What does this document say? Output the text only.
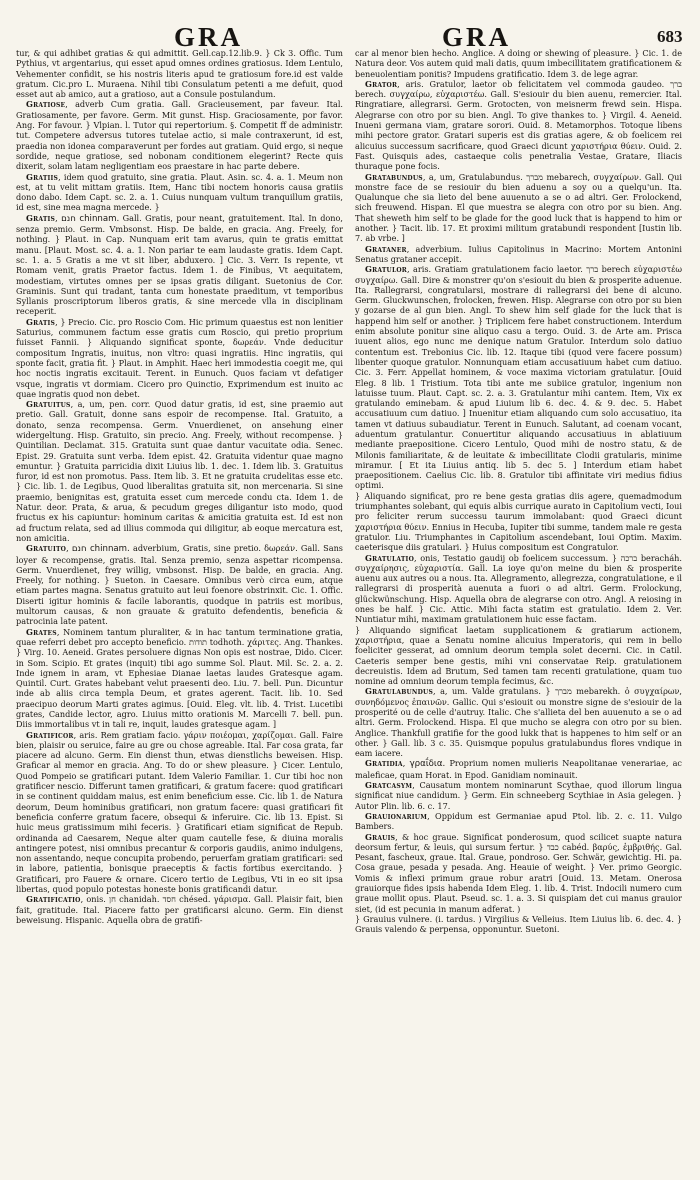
GRA	GRA	683

tur, & qui adhibet gratias & qui admittit. Gell.cap.12.lib.9. } Ck 3. Offic. Tum Pythius, vt argentarius, qui esset apud omnes ordines gratiosus. Idem Lentulo, Vehementer confidit, se his nostris literis apud te gratiosum fore.id est valde gratum. Cic.pro L. Muraena. Nihil tibi Consulatum petenti a me defuit, quod esset aut ab amico, aut a gratioso, aut a Consule postulandum.

Gratiose, adverb Cum gratia. Gall. Gracieusement, par faveur. Ital. Gratiosamente, per favore. Germ. Mit gunst. Hisp. Graciosamente, por favor. Ang. For favour. } Vlpian. l. Tutor qui repertorium. §. Competit ff de administr. tut. Competere adversus tutores tutelae actio, si male contraxerunt, id est, praedia non idonea comparaverunt per fordes aut gratiam. Quid ergo, si neque sordide, neque gratiose, sed nobonam conditionem elegerint? Recte quis dixerit, solam latam negligentiam eos praestare in hac parte debere.

Gratiis, idem quod gratuito, sine gratia. Plaut. Asin. sc. 4. a. 1. Meum non est, at tu velit mittam gratiis. Item, Hanc tibi noctem honoris causa gratiis dono dabo. Idem Capt. sc. 2. a. 1. Cuius nunquam vultum tranquillum gratiis, id est, sine mea magna mercede. }

Gratis, חנם chinnam. Gall. Gratis, pour neant, gratuitement. Ital. In dono, senza premio. Germ. Vmbsonst. Hisp. De balde, en gracia. Ang. Freely, for nothing. } Plaut. in Cap. Nunquam erit tam avarus, quin te gratis emittat manu. [Plaut. Most. sc. 4. a. 1. Non pariar te eam laudaste gratis. Idem Capt. sc. 1. a. 5 Gratis a me vt sit liber, abduxero. ] Cic. 3. Verr. Is repente, vt Romam venit, gratis Praetor factus. Idem 1. de Finibus, Vt aequitatem, modestiam, virtutes omnes per se ipsas gratis diligant. Suetonius de Cor. Graminis. Sunt qui tradant, tanta cum honestate praeditum, vt temporibus Syllanis proscriptorum liberos gratis, & sine mercede vlla in disciplinam receperit.

Gratis, } Precio. Cic. pro Roscio Com. Hic primum quaestus est non lenitier Saturius, communem factum esse gratis cum Roscio, qui pretio proprium fuisset Fannii. } Aliquando significat sponte, δωρεάν. Vnde deducitur compositum Ingratis, inuitus, non vltro: quasi ingratiis. Hinc ingratiis, qui sponte facit, gratia fit. } Plaut. in Amphit. Haec heri immodestia coegit me, qui hoc noctis ingratis excitauit. Terent. in Eunuch. Quos faciam vt defatiger vsque, ingratis vt dormiam. Cicero pro Quinctio, Exprimendum est inuito ac quae ingratis quod non debet.

Gratuitus, a, um, pen. corr. Quod datur gratis, id est, sine praemio aut pretio. Gall. Gratuit, donne sans espoir de recompense. Ital. Gratuito, a donato, senza recompensa. Germ. Vnuerdienet, on ansehung einer widergeltung. Hisp. Gratuito, sin precio. Ang. Freely, without recompense. } Quintilian. Declamat. 315. Gratuita sunt quae dantur vacuitate odia. Senec. Epist. 29. Gratuita sunt verba. Idem epist. 42. Gratuita videntur quae magno emuntur. } Gratuita parricidia dixit Liuius lib. 1. dec. 1. Idem lib. 3. Gratuitus furor, id est non promotus. Pass. Item lib. 3. Et ne gratuita crudelitas esse etc. } Cic. lib. 1. de Legibus, Quod liberalitas gratuita sit, non mercenaria. Si sine praemio, benignitas est, gratuita esset cum mercede condu cta. Idem 1. de Natur. deor. Prata, & arua, & pecudum greges diligantur isto modo, quod fructus ex his capiuntur: hominum caritas & amicitia gratuita est. Id est non ad fructum relata, sed ad illius commoda qui diligitur, ab eoque mercatura est, non amicitia.

Gratuito, חנם chinnam. adverbium, Gratis, sine pretio. δωρεάν. Gall. Sans loyer & recompense, gratis. Ital. Senza premio, senza aspettar ricompensa. Germ. Vnuerdienet, frey willig, vmbsonst. Hisp. De balde, en gracia. Ang. Freely, for nothing. } Sueton. in Caesare. Omnibus verò circa eum, atque etiam partes magna. Senatus gratuito aut leui foenore obstrinxit. Cic. 1. Offic. Diserti igitur hominis & facile laborantis, quodque in patriis est moribus, multorum causas, & non grauate & gratuito defendentis, beneficia & patrocinia late patent.

Grates, Nominem tantum pluraliter, & in hac tantum terminatione gratia, quae referri debet pro accepto beneficio. תודות todhoth. χάριτες. Ang. Thankes. } Virg. 10. Aeneid. Grates persoluere dignas Non opis est nostrae, Dido. Cicer. in Som. Scipio. Et grates (inquit) tibi ago summe Sol. Plaut. Mil. Sc. 2. a. 2. Inde ignem in aram, vt Ephesiae Dianae laetas laudes Gratesque agam. Quintil. Curt. Grates habebant velut praesenti deo. Liu. 7. bell. Pun. Dicuntur inde ab aliis circa templa Deum, et grates agerent. Tacit. lib. 10. Sed praecipuo deorum Marti grates agimus. [Ouid. Eleg. vlt. lib. 4. Trist. Lucetibi grates, Candide lector, agro. Liuius mitto orationis M. Marcelli 7. bell. pun. Diis immortalibus vt in tali re, inquit, laudes gratesque agam. ]

Gratificor, aris. Rem gratiam facio. γάριν ποιέομαι, χαρίζομαι. Gall. Faire bien, plaisir ou seruice, faire au gre ou chose agreable. Ital. Far cosa grata, far piacere ad alcuno. Germ. Ein dienst thun, etwas dienstlichs beweisen. Hisp. Graficar al memor en gracia. Ang. To do or shew pleasure. } Cicer. Lentulo, Quod Pompeio se gratificari putant. Idem Valerio Familiar. 1. Cur tibi hoc non gratificer nescio. Differunt tamen gratificari, & gratum facere: quod gratificari in se continent quiddam maius, est enim beneficium esse. Cic. lib 1. de Natura deorum, Deum hominibus gratificari, non gratum facere: quasi gratificari fit beneficia conferre gratum facere, obsequi & inferuire. Cic. lib 13. Epist. Si huic meus gratissimum mihi feceris. } Gratificari etiam significat de Repub. ordinanda ad Caesarem, Neque alter quam cautelle fese, & diuina moralis antingere potest, nisi omnibus precantur & corporis gaudiis, animo indulgens, non assentando, neque concupita probendo, peruerfam gratiam gratificari: sed in labore, patientia, bonisque praeceptis & factis fortibus exercitando. } Gratificari, pro Fauere & ornare. Cicero tertio de Legibus, Vti in eo sit ipsa libertas, quod populo potestas honeste bonis gratificandi datur.

Gratificatio, onis. חן chanidah. חסד chésed. γάρισμα. Gall. Plaisir fait, bien fait, gratitude. Ital. Piacere fatto per gratificarsi alcuno. Germ. Ein dienst beweisung. Hispanic. Aquella obra de gratifi-

car al menor bien hecho. Anglice. A doing or shewing of pleasure. } Cic. 1. de Natura deor. Vos autem quid mali datis, quum imbecillitatem gratificationem & beneuolentiam ponitis? Impudens gratificatio. Idem 3. de lege agrar.

Grator, aris. Gratulor, laetor ob felicitatem vel commoda gaudeo. ברך berech. συγχαίρω, εὐχαριστέω. Gall. S'esiouir du bien auenu, remercier. Ital. Ringratiare, allegrarsi. Germ. Grotocten, von meisnerm frewd sein. Hispa. Alegrarse con otro por su bien. Angl. To give thankes to. } Virgil. 4. Aeneid. Inueni germana viam, gratare sorori. Ouid. 8. Metamorphos. Totoque libens mihi pectore grator. Gratari superis est dis gratias agere, & ob foelicem rei alicuius successum sacrificare, quod Graeci dicunt χαριστήρια θύειν. Ouid. 2. Fast. Quisquis ades, castaeque colis penetralia Vestae, Gratare, Iliacis thuraque pone focis.

Gratabundus, a, um, Gratulabundus. מברך mebarech, συγχαίρων. Gall. Qui monstre face de se resiouir du bien aduenu a soy ou a quelqu'un. Ita. Qualunque che sia lieto del bene auuenuto a se o ad altri. Ger. Frolockend, sich freuwend. Hispan. El que muestra se alegra con otro por su bien. Ang. That sheweth him self to be glade for the good luck that is happend to him or another. } Tacit. lib. 17. Et proximi militum gratabundi respondent [Iustin lib. 7. ab vrbe. ]

Grataner, adverbium. Iulius Capitolinus in Macrino: Mortem Antonini Senatus grataner accepit.

Gratulor, aris. Gratiam gratulationem facio laetor. ברך berech εὐχαριστέω συγχαίρω. Gall. Dire & monstrer qu'on s'esiouit du bien & prosperite aduenue. Ita. Rallegrarsi, congratularsi, mostrare di rallegrarsi dei bene di alcuno. Germ. Gluckwunschen, frolocken, frewen. Hisp. Alegrarse con otro por su bien y gozarse de al gun bien. Angl. To shew him self glade for the luck that is happend him self or another. } Triplicem fere habet constructionem. Interdum enim absolute ponitur sine aliquo casu a tergo. Ouid. 3. de Arte am. Prisca iuuent alios, ego nunc me denique natum Gratulor. Interdum solo datiuo contentum est. Trebonius Cic. lib. 12. Itaque tibi (quod vere facere possum) libenter quoque gratulor. Nonnunquam etiam accusatiuum habet cum datiuo. Cic. 3. Ferr. Appellat hominem, & voce maxima victoriam gratulatur. [Ouid Eleg. 8 lib. 1 Tristium. Tota tibi ante me subiice gratulor, ingenium non latuisse tuum. Plaut. Capt. sc. 2. a. 3. Gratulantur mihi cantem. Item, Vix ex gratulando eminebam. & apud Liuium lib 6. dec. 4. & 9. dec. 5. Habet accusatiuum cum datiuo. ] Inuenitur etiam aliquando cum solo accusatiuo, ita tamen vt datiuus subaudiatur. Terent in Eunuch. Salutant, ad coenam vocant, aduentum gratulantur. Conuertitur aliquando accusatiuus in ablatiuum mediante praepositione. Cicero Lentulo, Quod mihi de nostro statu, & de Milonis familiaritate, & de leuitate & imbecillitate Clodii gratularis, minime miramur. [ Et ita Liuius antiq. lib 5. dec 5. ] Interdum etiam habet praepositionem. Caelius Cic. lib. 8. Gratulor tibi affinitate viri medius fidius optimi.

} Aliquando significat, pro re bene gesta gratias diis agere, quemadmodum triumphantes solebant, qui equis albis currique aurato in Capitolium vecti, Ioui pro feliciter rerum successu taurum immolabant: quod Graeci dicunt χαριστήρια θύειν. Ennius in Hecuba, Iupiter tibi summe, tandem male re gesta gratulor. Liu. Triumphantes in Capitolium ascendebant, Ioui Optim. Maxim. caeterisque diis gratulari. } Huius compositum est Congratulor.

Gratulatio, onis, Testatio gaudij ob foelicem successum. } ברכה beracháh. συγχαίρησις, εὐχαριστία. Gall. La ioye qu'on meine du bien & prosperite auenu aux autres ou a nous. Ita. Allegramento, allegrezza, congratulatione, e il rallegrarsi di prosperità auenuta a fuori o ad altri. Germ. Frolockung, glückwünschung. Hisp. Aquella obra de alegrarse con otro. Angl. A reiosing in ones be half. } Cic. Attic. Mihi facta statim est gratulatio. Idem 2. Ver. Nuntiatur mihi, maximam gratulationem huic esse factam.

} Aliquando significat laetam supplicationem & gratiarum actionem, χαριστήρια, quae a Senatu nomine alicuius Imperatoris, qui rem in bello foeliciter gesserat, ad omnium deorum templa solet decerni. Cic. in Catil. Caeteris semper bene gestis, mihi vni conservatae Reip. gratulationem decreuistis. Idem ad Brutum, Sed tamen tam recenti gratulatione, quam tuo nomine ad omnium deorum templa fecimus, &c.

Gratulabundus, a, um. Valde gratulans. } מברך mebarekh. ὁ συγχαίρων, συνηδόμενος ἐπαινῶν. Gallic. Qui s'esiouit ou monstre signe de s'esiouir de la prosperité ou de celle d'autruy. Italic. Che s'allieta del ben auuenuto a se o ad altri. Germ. Frolockend. Hispa. El que mucho se alegra con otro por su bien. Anglice. Thankfull gratifie for the good lukk that is happenes to him self or an other. } Gall. lib. 3 c. 35. Quismque populus gratulabundus flores vndique in eam iacere.

Gratidia, γραΐδια. Proprium nomen mulieris Neapolitanae venerariae, ac maleficae, quam Horat. in Epod. Ganidiam nominauit.

Gratcasym, Causatum montem nominarunt Scythae, quod illorum lingua significat niue candidum. } Germ. Ein schneeberg Scythiae in Asia gelegen. } Autor Plin. lib. 6. c. 17.

Grauionarium, Oppidum est Germaniae apud Ptol. lib. 2. c. 11. Vulgo Bambers.

Grauis, & hoc graue. Significat ponderosum, quod scilicet suapte natura deorsum fertur, & leuis, qui sursum fertur. } כבד cabéd. βαρύς, ἐμβριθής. Gal. Pesant, fascheux, graue. Ital. Graue, pondroso. Ger. Schwär, gewichtig. Hi. pa. Cosa graue, pesada y pesada. Ang. Heauie of weight. } Ver. primo Georgic. Vomis & inflexi primum graue robur aratri [Ouid. 13. Metam. Onerosa grauiorque fides ipsis habenda Idem Eleg. 1. lib. 4. Trist. Indocili numero cum graue mollit opus. Plaut. Pseud. sc. 1. a. 3. Si quispiam det cui manus grauior siet, (id est pecunia in manum adferat. )

} Grauius vulnere. (i. tardus. ) Virgilius & Velleius. Item Liuius lib. 6. dec. 4. } Grauis valendo & perpensa, opponuntur. Suetoni.
